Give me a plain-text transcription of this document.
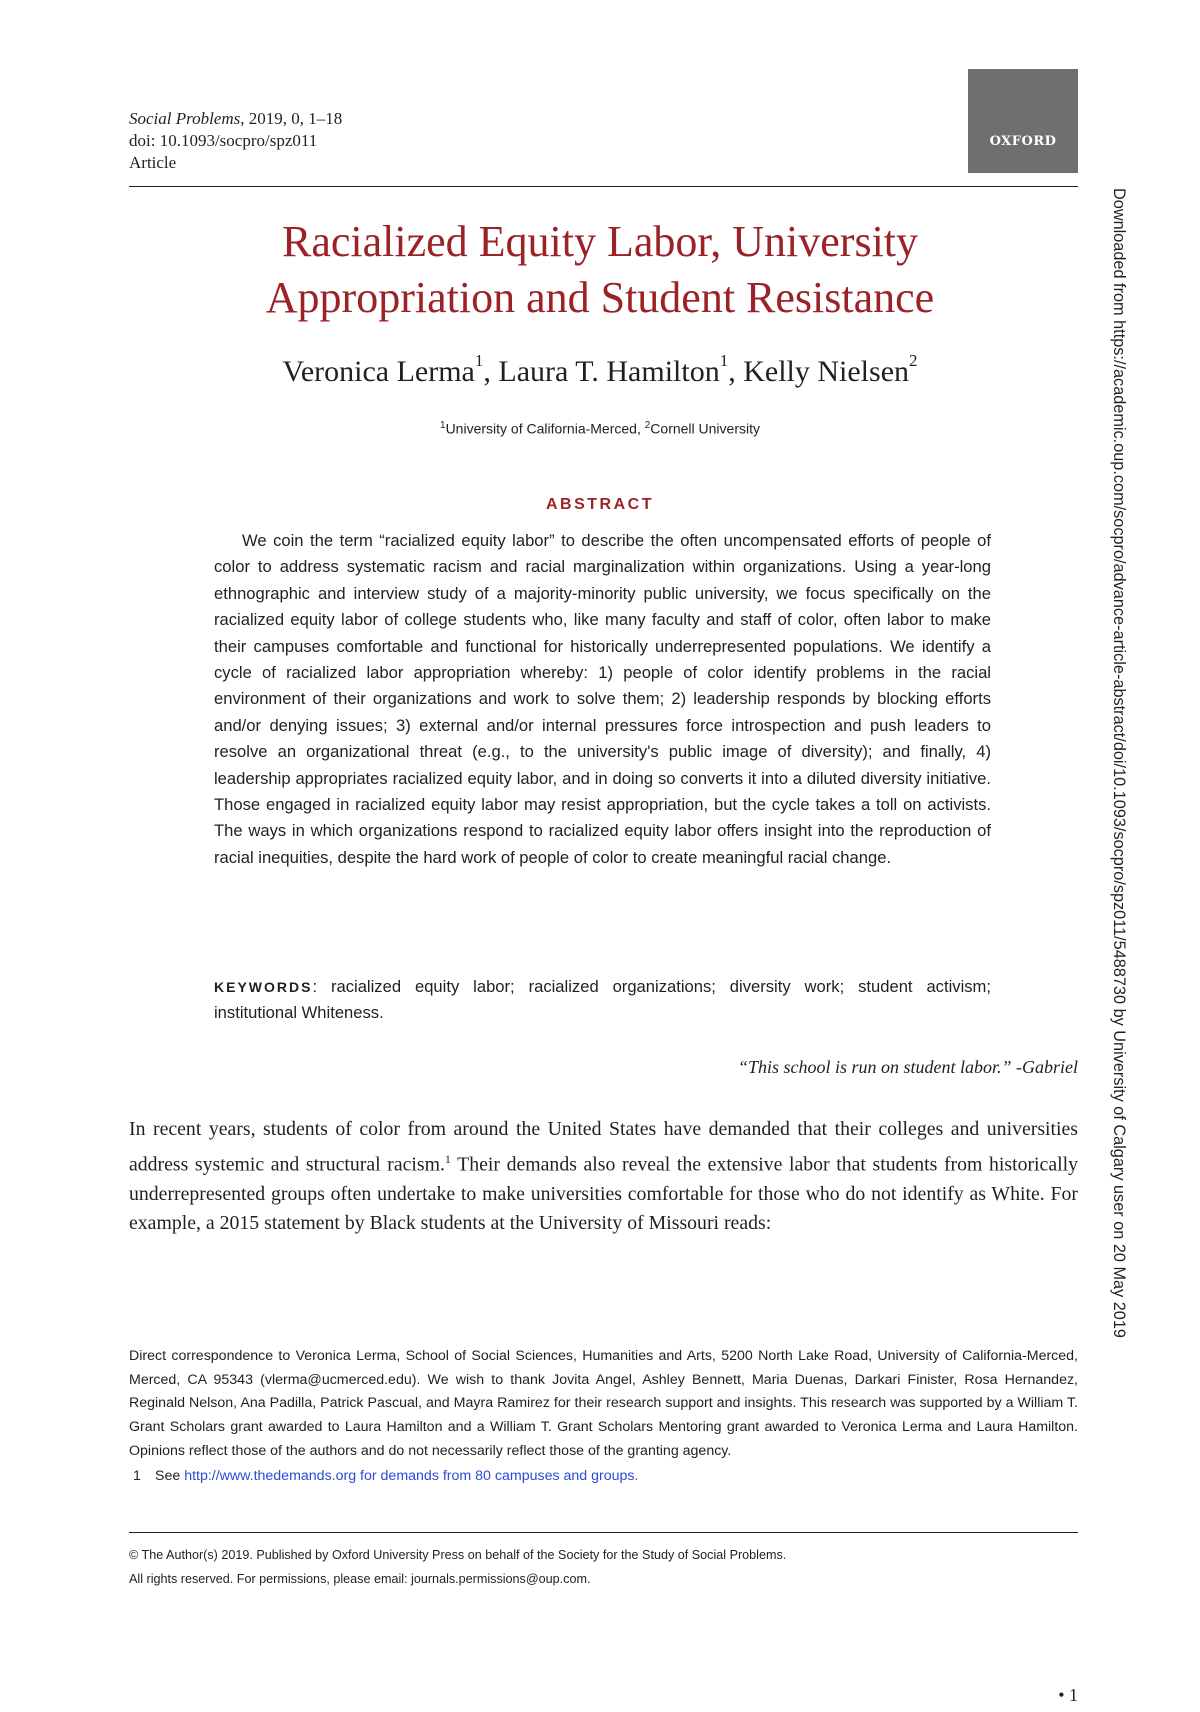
Social Problems, 2019, 0, 1–18
doi: 10.1093/socpro/spz011
Article
OXFORD
Racialized Equity Labor, University
Appropriation and Student Resistance
Veronica Lerma$^1$, Laura T. Hamilton$^1$, Kelly Nielsen$^2$
$^1$University of California-Merced, $^2$Cornell University
ABSTRACT

We coin the term “racialized equity labor” to describe the often uncompensated efforts of people of color to address systematic racism and racial marginalization within organizations. Using a year-long ethnographic and interview study of a majority-minority public university, we focus specifically on the racialized equity labor of college students who, like many faculty and staff of color, often labor to make their campuses comfortable and functional for historically underrepresented populations. We identify a cycle of racialized labor appropriation whereby: 1) people of color identify problems in the racial environment of their organizations and work to solve them; 2) leadership responds by blocking efforts and/or denying issues; 3) external and/or internal pressures force introspection and push leaders to resolve an organizational threat (e.g., to the university's public image of diversity); and finally, 4) leadership appropriates racialized equity labor, and in doing so converts it into a diluted diversity initiative. Those engaged in racialized equity labor may resist appropriation, but the cycle takes a toll on activists. The ways in which organizations respond to racialized equity labor offers insight into the reproduction of racial inequities, despite the hard work of people of color to create meaningful racial change.

KEYWORDS: racialized equity labor; racialized organizations; diversity work; student activism; institutional Whiteness.

“This school is run on student labor.” -Gabriel

In recent years, students of color from around the United States have demanded that their colleges and universities address systemic and structural racism.$^1$ Their demands also reveal the extensive labor that students from historically underrepresented groups often undertake to make universities comfortable for those who do not identify as White. For example, a 2015 statement by Black students at the University of Missouri reads:

Direct correspondence to Veronica Lerma, School of Social Sciences, Humanities and Arts, 5200 North Lake Road, University of California-Merced, Merced, CA 95343 (vlerma@ucmerced.edu). We wish to thank Jovita Angel, Ashley Bennett, Maria Duenas, Darkari Finister, Rosa Hernandez, Reginald Nelson, Ana Padilla, Patrick Pascual, and Mayra Ramirez for their research support and insights. This research was supported by a William T. Grant Scholars grant awarded to Laura Hamilton and a William T. Grant Scholars Mentoring grant awarded to Veronica Lerma and Laura Hamilton. Opinions reflect those of the authors and do not necessarily reflect those of the granting agency.

1 See http://www.thedemands.org for demands from 80 campuses and groups.
© The Author(s) 2019. Published by Oxford University Press on behalf of the Society for the Study of Social Problems.
All rights reserved. For permissions, please email: journals.permissions@oup.com.
• 1
Downloaded from https://academic.oup.com/socpro/advance-article-abstract/doi/10.1093/socpro/spz011/5488730 by University of Calgary user on 20 May 2019
